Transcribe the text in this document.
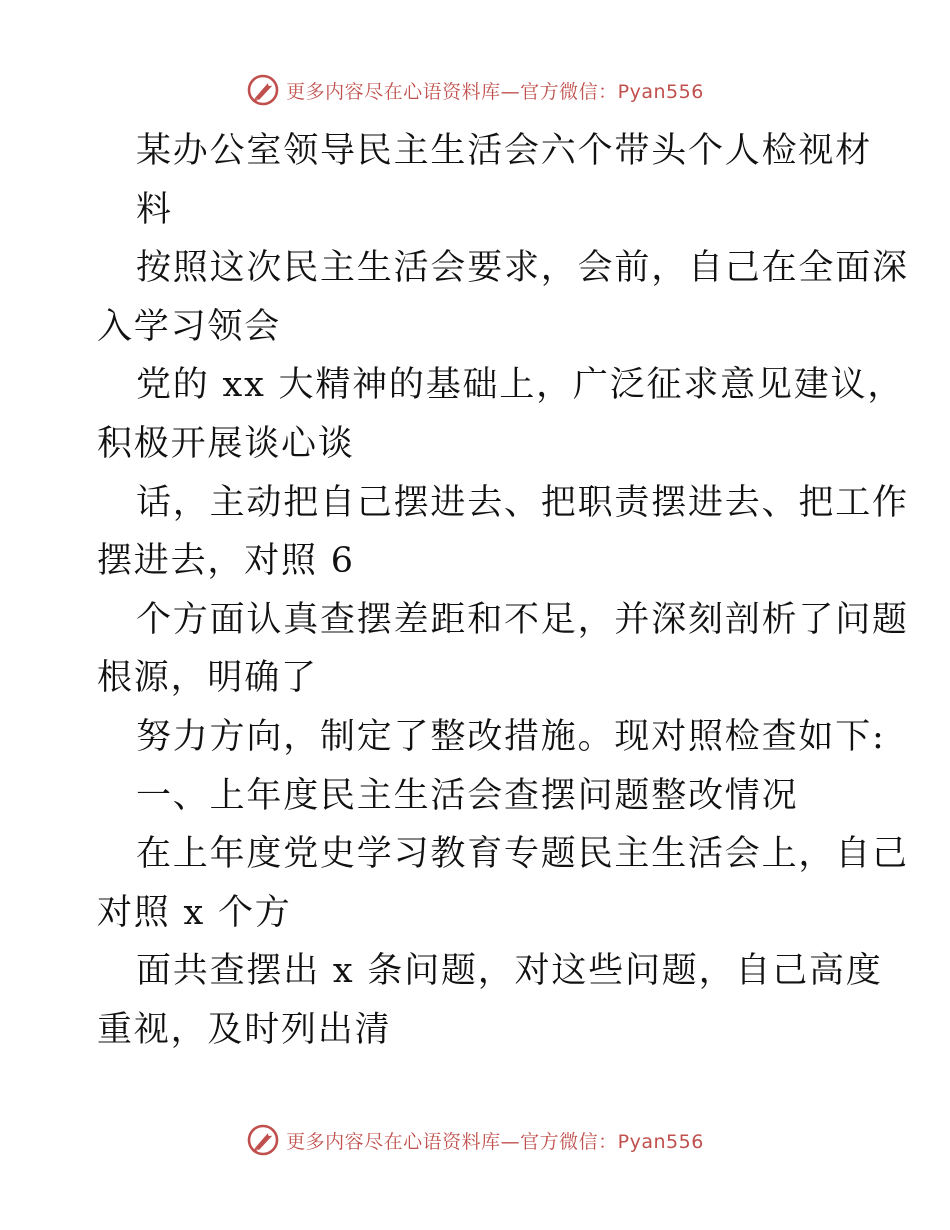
更多内容尽在心语资料库—官方微信：Pyan556
某办公室领导民主生活会六个带头个人检视材
料
按照这次民主生活会要求，会前，自己在全面深
入学习领会
党的 xx 大精神的基础上，广泛征求意见建议，
积极开展谈心谈
话，主动把自己摆进去、把职责摆进去、把工作
摆进去，对照 6
个方面认真查摆差距和不足，并深刻剖析了问题
根源，明确了
努力方向，制定了整改措施。现对照检查如下:
一、上年度民主生活会查摆问题整改情况
在上年度党史学习教育专题民主生活会上，自己
对照 x 个方
面共查摆出 x 条问题，对这些问题，自己高度
重视，及时列出清
更多内容尽在心语资料库—官方微信：Pyan556
